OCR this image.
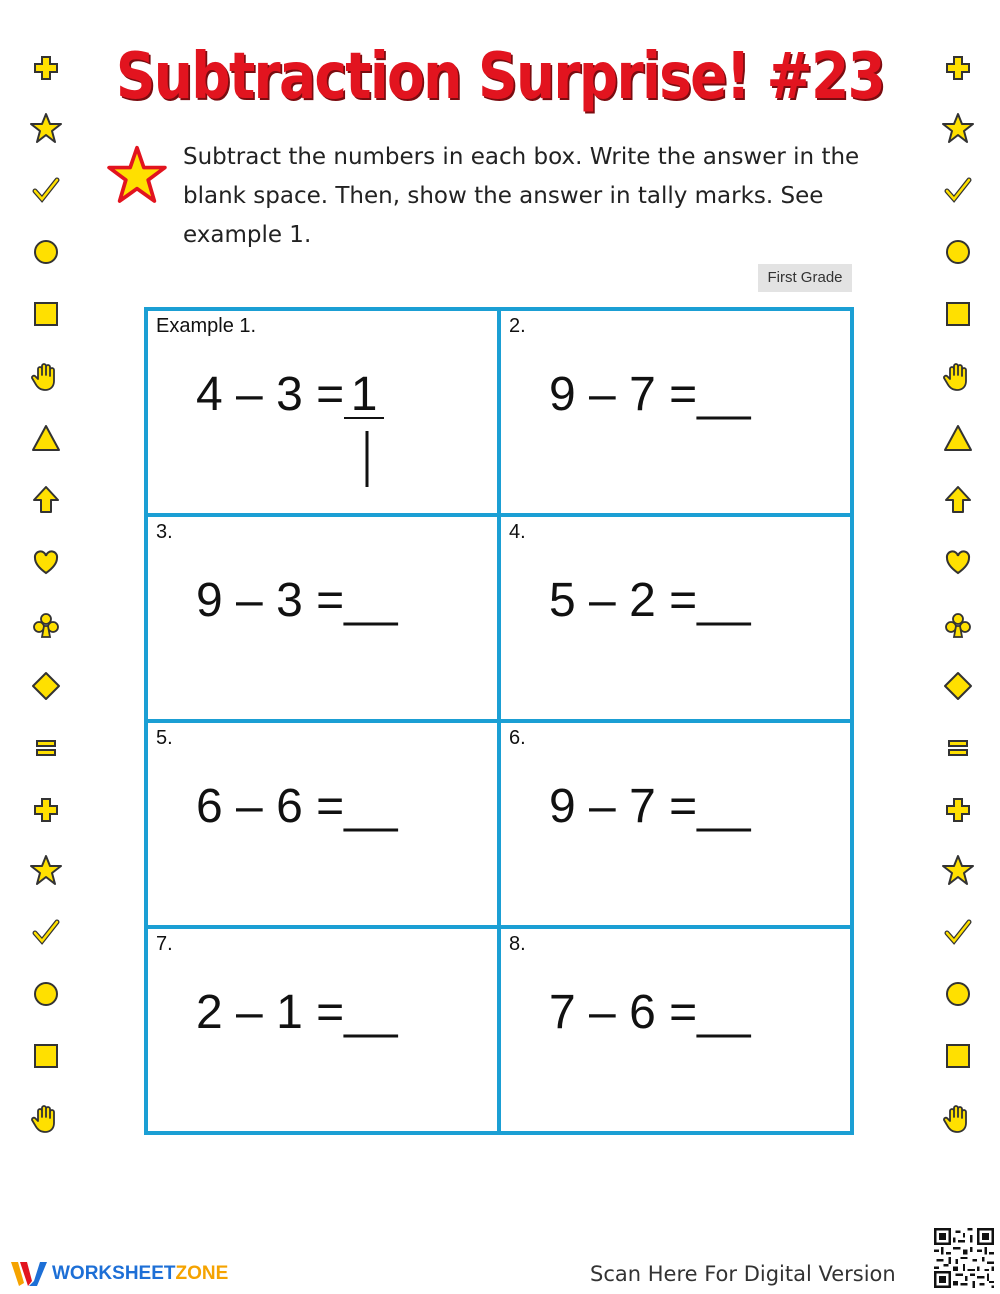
Subtraction Surprise! #23
Subtract the numbers in each box. Write the answer in the blank space. Then, show the answer in tally marks. See example 1.
First Grade
Example 1.
4 – 3 = 1
2.
9 – 7 =__
3.
9 – 3 =__
4.
5 – 2 =__
5.
6 – 6 =__
6.
9 – 7 =__
7.
2 – 1 =__
8.
7 – 6 =__
WORKSHEETZONE	Scan Here For Digital Version
